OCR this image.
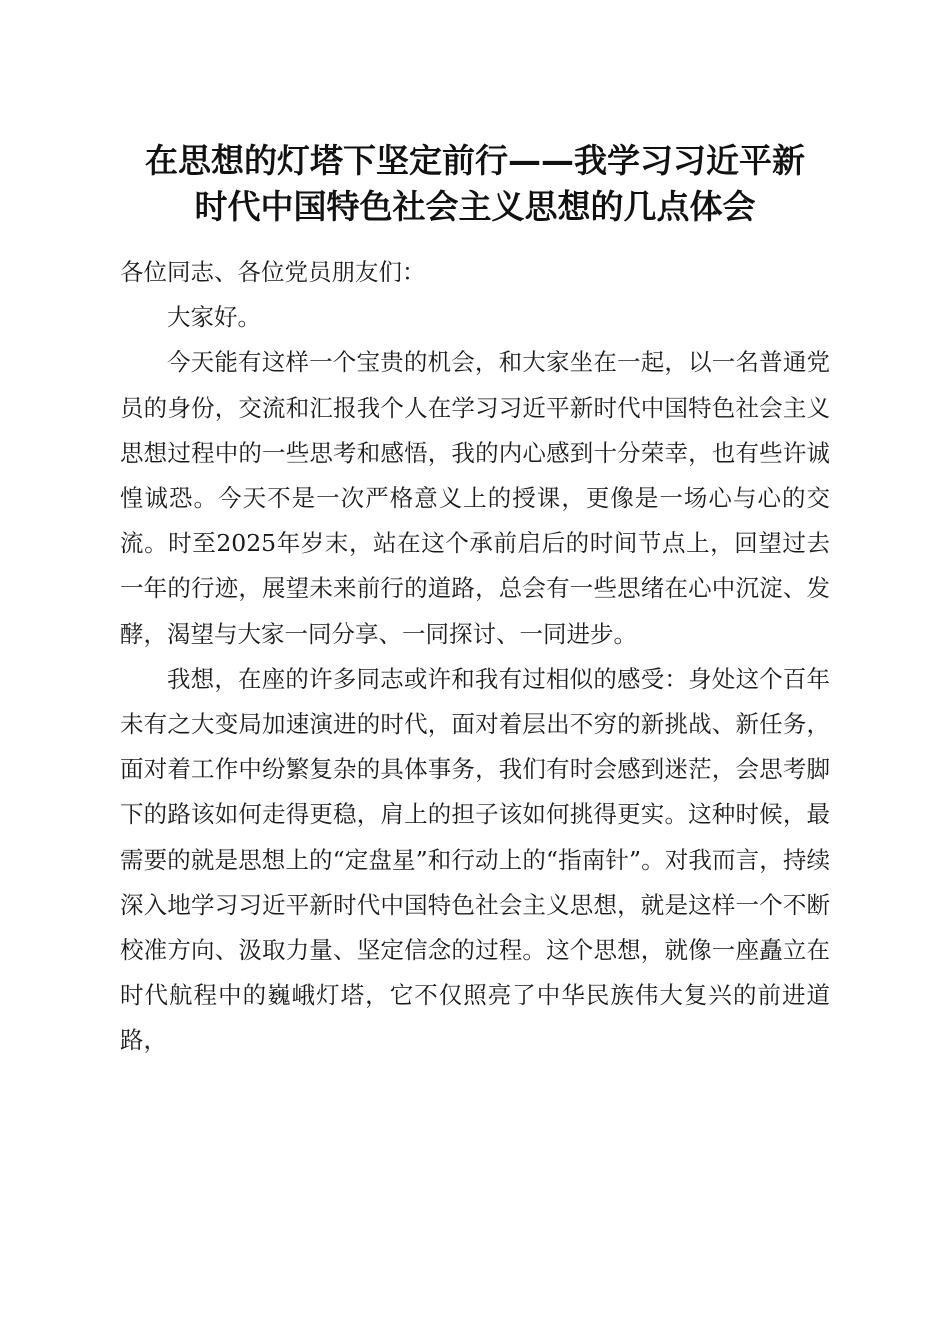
在思想的灯塔下坚定前行——我学习习近平新
时代中国特色社会主义思想的几点体会

各位同志、各位党员朋友们：

大家好。

今天能有这样一个宝贵的机会，和大家坐在一起，以一名普通党员的身份，交流和汇报我个人在学习习近平新时代中国特色社会主义思想过程中的一些思考和感悟，我的内心感到十分荣幸，也有些许诚惶诚恐。今天不是一次严格意义上的授课，更像是一场心与心的交流。时至2025年岁末，站在这个承前启后的时间节点上，回望过去一年的行迹，展望未来前行的道路，总会有一些思绪在心中沉淀、发酵，渴望与大家一同分享、一同探讨、一同进步。

我想，在座的许多同志或许和我有过相似的感受：身处这个百年未有之大变局加速演进的时代，面对着层出不穷的新挑战、新任务，面对着工作中纷繁复杂的具体事务，我们有时会感到迷茫，会思考脚下的路该如何走得更稳，肩上的担子该如何挑得更实。这种时候，最需要的就是思想上的“定盘星”和行动上的“指南针”。对我而言，持续深入地学习习近平新时代中国特色社会主义思想，就是这样一个不断校准方向、汲取力量、坚定信念的过程。这个思想，就像一座矗立在时代航程中的巍峨灯塔，它不仅照亮了中华民族伟大复兴的前进道路，
